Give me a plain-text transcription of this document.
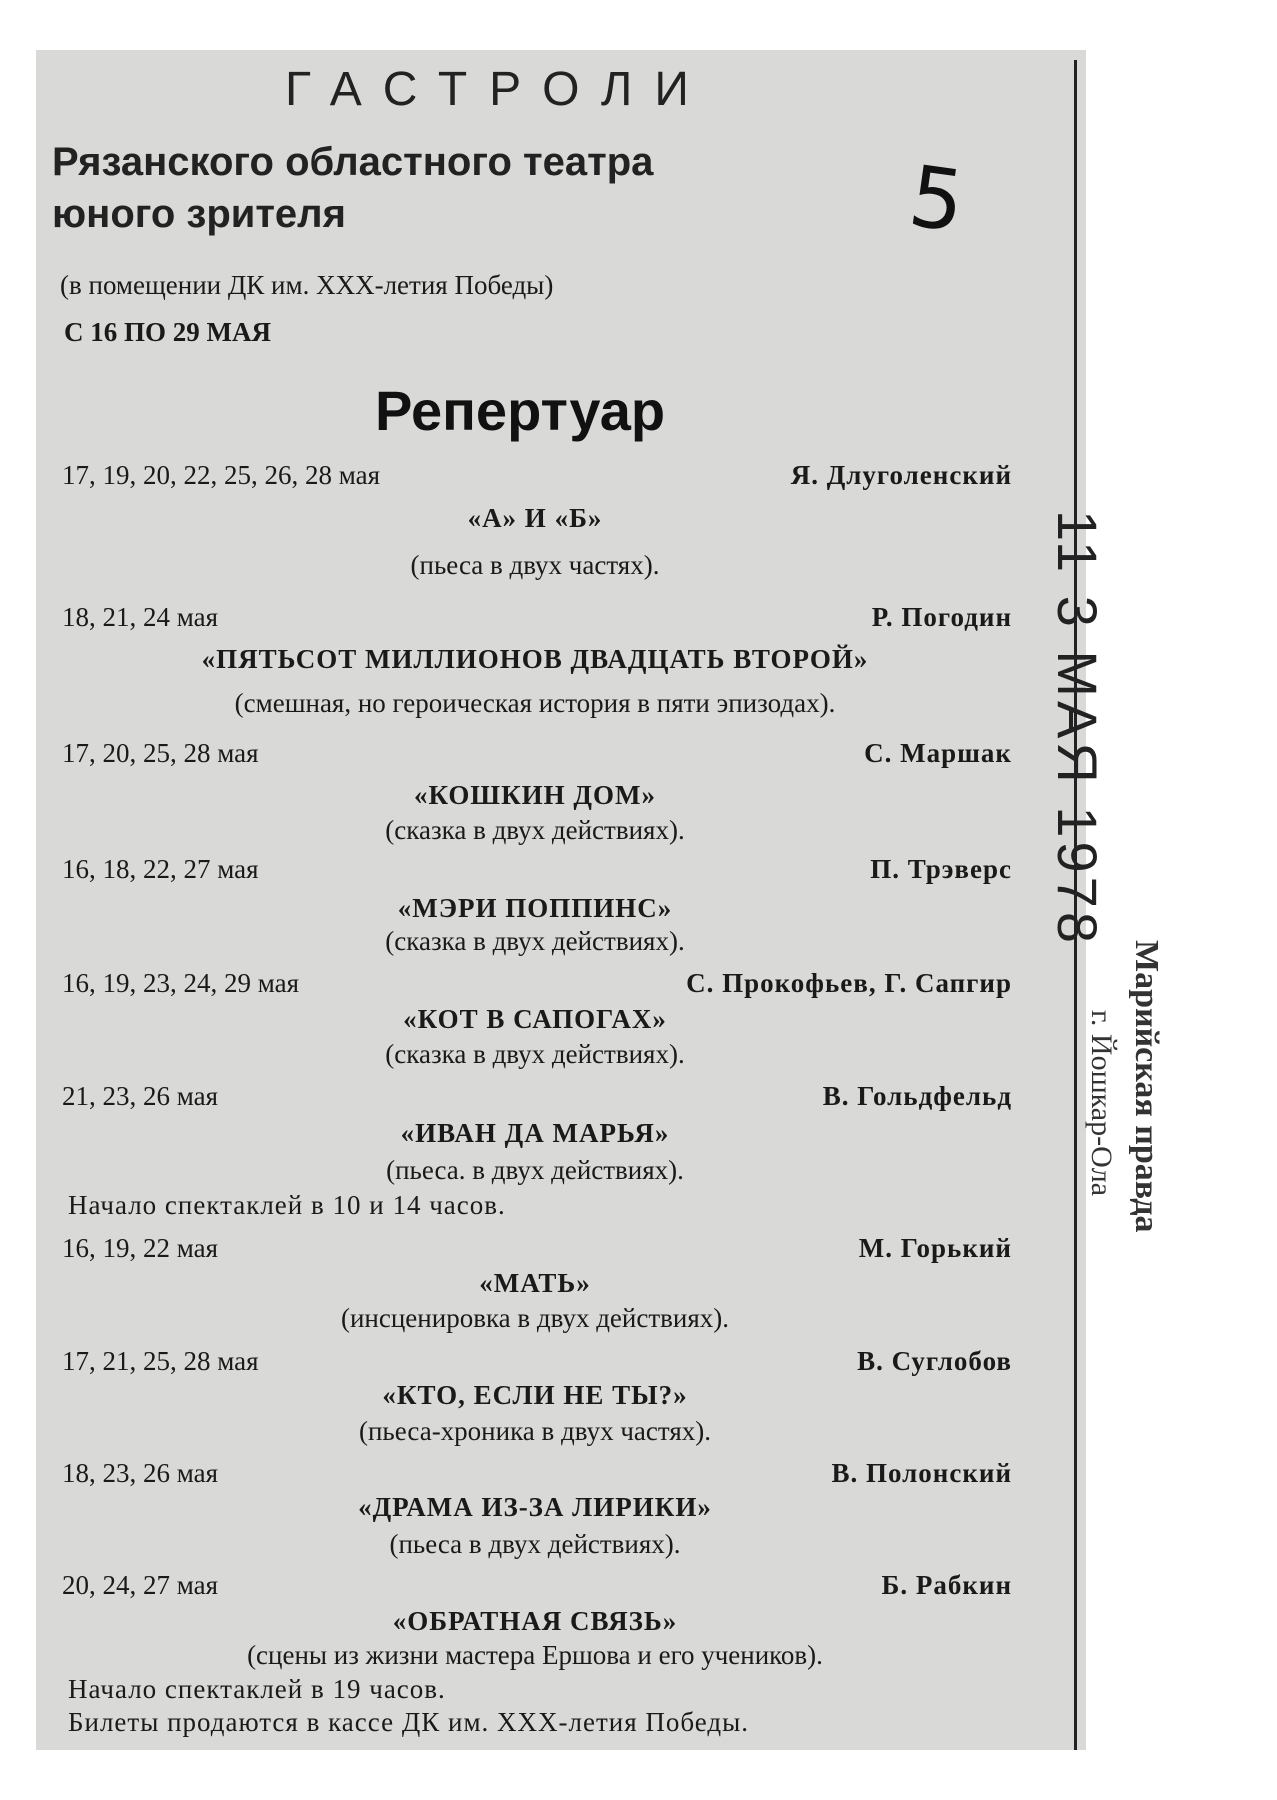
ГАСТРОЛИ
Рязанского областного театра
юного зрителя	5
(в помещении ДК им. ХХХ-летия Победы)
С 16 ПО 29 МАЯ
Репертуар
17, 19, 20, 22, 25, 26, 28 мая	Я. Длуголенский
«А» И «Б»
(пьеса в двух частях).
18, 21, 24 мая	Р. Погодин
«ПЯТЬСОТ МИЛЛИОНОВ ДВАДЦАТЬ ВТОРОЙ»
(смешная, но героическая история в пяти эпизодах).
17, 20, 25, 28 мая	С. Маршак
«КОШКИН ДОМ»
(сказка в двух действиях).
16, 18, 22, 27 мая	П. Трэверс
«МЭРИ ПОППИНС»
(сказка в двух действиях).
16, 19, 23, 24, 29 мая	С. Прокофьев, Г. Сапгир
«КОТ В САПОГАХ»
(сказка в двух действиях).
21, 23, 26 мая	В. Гольдфельд
«ИВАН ДА МАРЬЯ»
(пьеса. в двух действиях).
Начало спектаклей в 10 и 14 часов.
16, 19, 22 мая	М. Горький
«МАТЬ»
(инсценировка в двух действиях).
17, 21, 25, 28 мая	В. Суглобов
«КТО, ЕСЛИ НЕ ТЫ?»
(пьеса-хроника в двух частях).
18, 23, 26 мая	В. Полонский
«ДРАМА ИЗ-ЗА ЛИРИКИ»
(пьеса в двух действиях).
20, 24, 27 мая	Б. Рабкин
«ОБРАТНАЯ СВЯЗЬ»
(сцены из жизни мастера Ершова и его учеников).
Начало спектаклей в 19 часов.
Билеты продаются в кассе ДК им. ХХХ-летия Победы.
11 3 МАЯ 1978
Марийская правда
г. Йошкар-Ола
